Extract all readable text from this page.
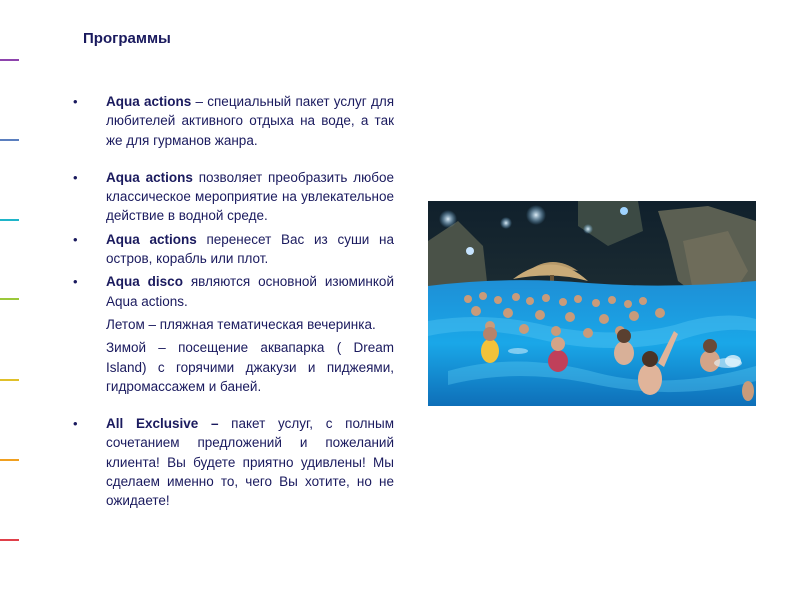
Программы
• Aqua actions – специальный пакет услуг для любителей активного отдыха на воде, а так же для гурманов жанра.
• Aqua actions позволяет преобразить любое классическое мероприятие на увлекательное действие в водной среде.
• Aqua actions перенесет Вас из суши на остров, корабль или плот.
• Aqua disco являются основной изюминкой Aqua actions.
Летом – пляжная тематическая вечеринка.
Зимой – посещение аквапарка ( Dream Island) с горячими джакузи и пиджеями, гидромассажем и баней.
• All Exclusive – пакет услуг, с полным сочетанием предложений и пожеланий клиента! Вы будете приятно удивлены! Мы сделаем именно то, чего Вы хотите, но не ожидаете!
